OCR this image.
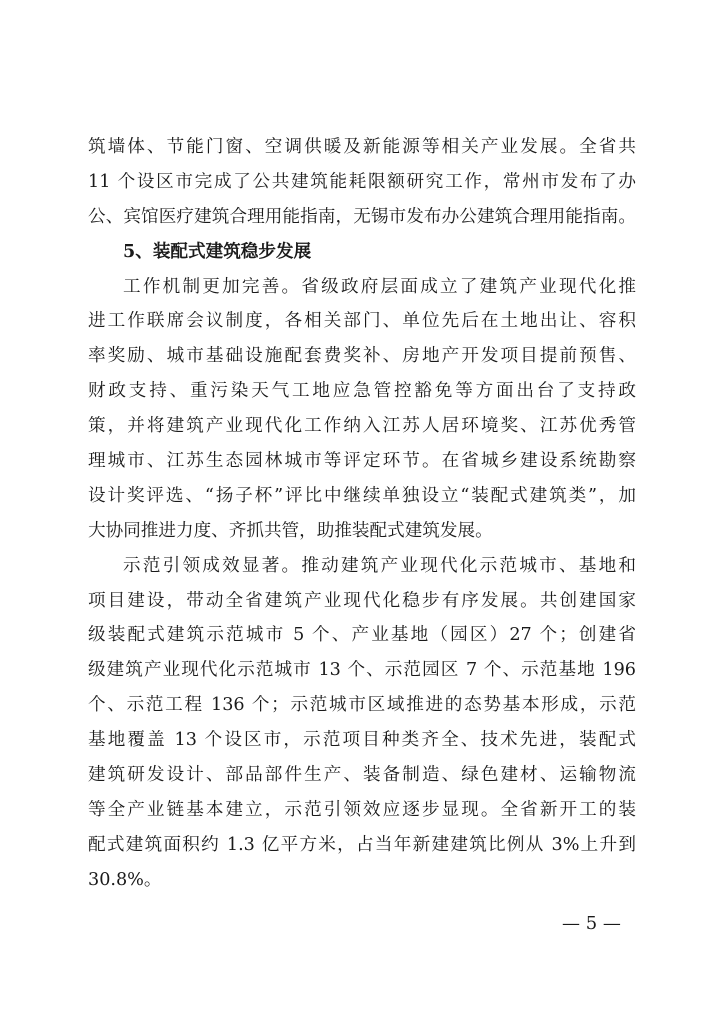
筑墙体、节能门窗、空调供暖及新能源等相关产业发展。全省共
11 个设区市完成了公共建筑能耗限额研究工作，常州市发布了办
公、宾馆医疗建筑合理用能指南，无锡市发布办公建筑合理用能指南。
5、装配式建筑稳步发展
工作机制更加完善。省级政府层面成立了建筑产业现代化推
进工作联席会议制度，各相关部门、单位先后在土地出让、容积
率奖励、城市基础设施配套费奖补、房地产开发项目提前预售、
财政支持、重污染天气工地应急管控豁免等方面出台了支持政
策，并将建筑产业现代化工作纳入江苏人居环境奖、江苏优秀管
理城市、江苏生态园林城市等评定环节。在省城乡建设系统勘察
设计奖评选、“扬子杯”评比中继续单独设立“装配式建筑类”，加
大协同推进力度、齐抓共管，助推装配式建筑发展。
示范引领成效显著。推动建筑产业现代化示范城市、基地和
项目建设，带动全省建筑产业现代化稳步有序发展。共创建国家
级装配式建筑示范城市 5 个、产业基地（园区）27 个；创建省
级建筑产业现代化示范城市 13 个、示范园区 7 个、示范基地 196
个、示范工程 136 个；示范城市区域推进的态势基本形成，示范
基地覆盖 13 个设区市，示范项目种类齐全、技术先进，装配式
建筑研发设计、部品部件生产、装备制造、绿色建材、运输物流
等全产业链基本建立，示范引领效应逐步显现。全省新开工的装
配式建筑面积约 1.3 亿平方米，占当年新建建筑比例从 3%上升到
30.8%。
— 5 —
